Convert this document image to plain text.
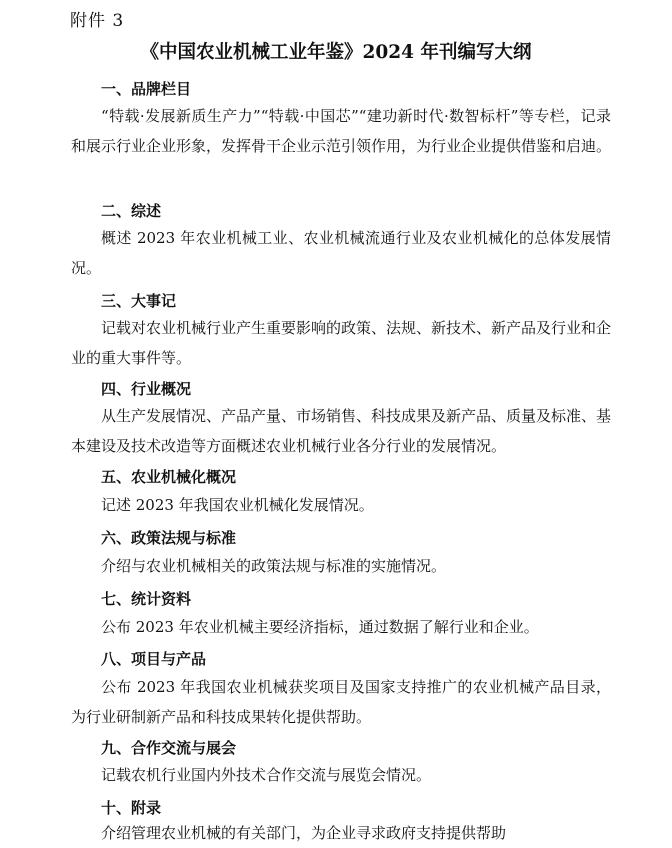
附件 3
《中国农业机械工业年鉴》2024 年刊编写大纲
一、品牌栏目
“特载·发展新质生产力”“特载·中国芯”“建功新时代·数智标杆”等专栏，记录和展示行业企业形象，发挥骨干企业示范引领作用，为行业企业提供借鉴和启迪。
二、综述
概述 2023 年农业机械工业、农业机械流通行业及农业机械化的总体发展情况。
三、大事记
记载对农业机械行业产生重要影响的政策、法规、新技术、新产品及行业和企业的重大事件等。
四、行业概况
从生产发展情况、产品产量、市场销售、科技成果及新产品、质量及标准、基本建设及技术改造等方面概述农业机械行业各分行业的发展情况。
五、农业机械化概况
记述 2023 年我国农业机械化发展情况。
六、政策法规与标准
介绍与农业机械相关的政策法规与标准的实施情况。
七、统计资料
公布 2023 年农业机械主要经济指标，通过数据了解行业和企业。
八、项目与产品
公布 2023 年我国农业机械获奖项目及国家支持推广的农业机械产品目录，为行业研制新产品和科技成果转化提供帮助。
九、合作交流与展会
记载农机行业国内外技术合作交流与展览会情况。
十、附录
介绍管理农业机械的有关部门，为企业寻求政府支持提供帮助
